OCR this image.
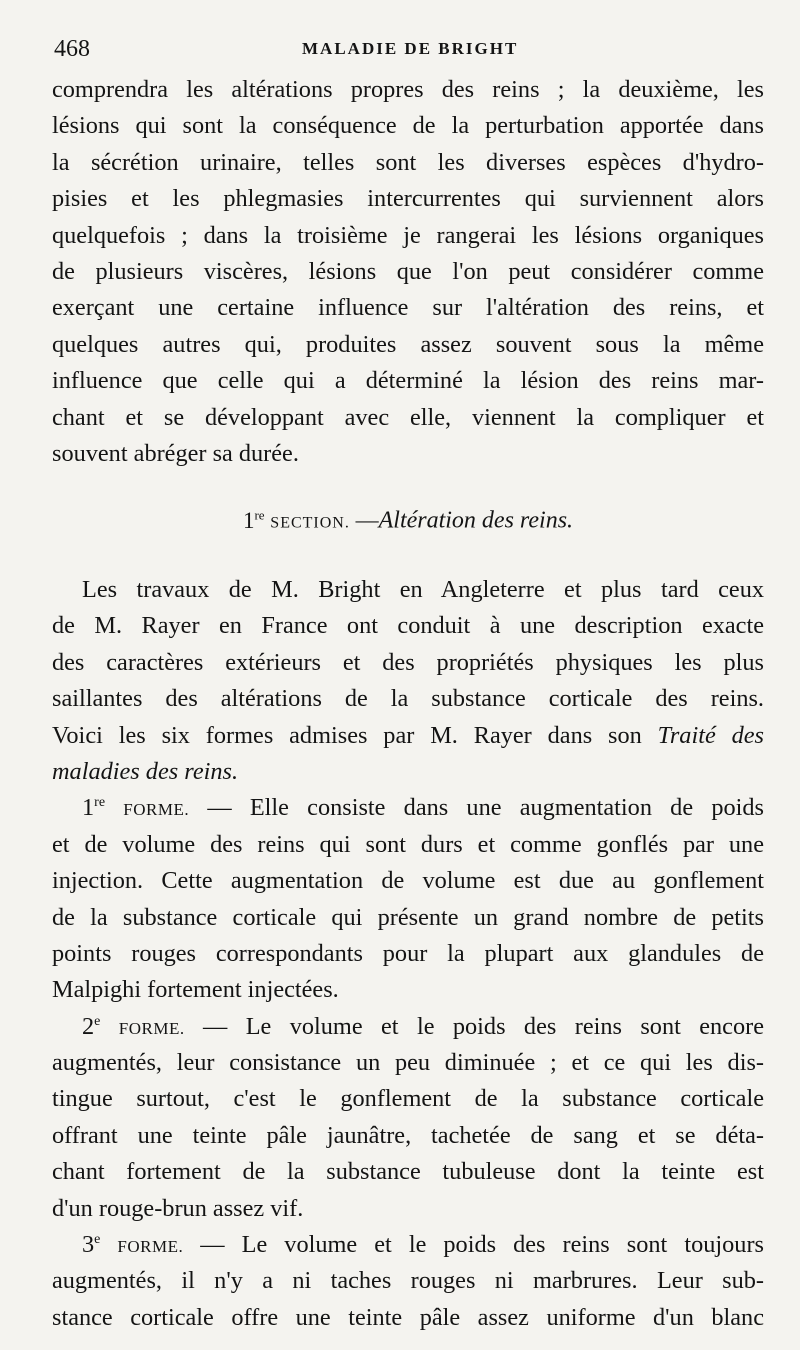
468	MALADIE DE BRIGHT
comprendra les altérations propres des reins ; la deuxième, les
lésions qui sont la conséquence de la perturbation apportée dans
la sécrétion urinaire, telles sont les diverses espèces d'hydro-
pisies et les phlegmasies intercurrentes qui surviennent alors
quelquefois ; dans la troisième je rangerai les lésions organiques
de plusieurs viscères, lésions que l'on peut considérer comme
exerçant une certaine influence sur l'altération des reins, et
quelques autres qui, produites assez souvent sous la même
influence que celle qui a déterminé la lésion des reins mar-
chant et se développant avec elle, viennent la compliquer et
souvent abréger sa durée.
1re SECTION. —Altération des reins.
Les travaux de M. Bright en Angleterre et plus tard ceux
de M. Rayer en France ont conduit à une description exacte
des caractères extérieurs et des propriétés physiques les plus
saillantes des altérations de la substance corticale des reins.
Voici les six formes admises par M. Rayer dans son Traité des
maladies des reins.
1re FORME. — Elle consiste dans une augmentation de poids
et de volume des reins qui sont durs et comme gonflés par une
injection. Cette augmentation de volume est due au gonflement
de la substance corticale qui présente un grand nombre de petits
points rouges correspondants pour la plupart aux glandules de
Malpighi fortement injectées.
2e FORME. — Le volume et le poids des reins sont encore
augmentés, leur consistance un peu diminuée ; et ce qui les dis-
tingue surtout, c'est le gonflement de la substance corticale
offrant une teinte pâle jaunâtre, tachetée de sang et se déta-
chant fortement de la substance tubuleuse dont la teinte est
d'un rouge-brun assez vif.
3e FORME. — Le volume et le poids des reins sont toujours
augmentés, il n'y a ni taches rouges ni marbrures. Leur sub-
stance corticale offre une teinte pâle assez uniforme d'un blanc
